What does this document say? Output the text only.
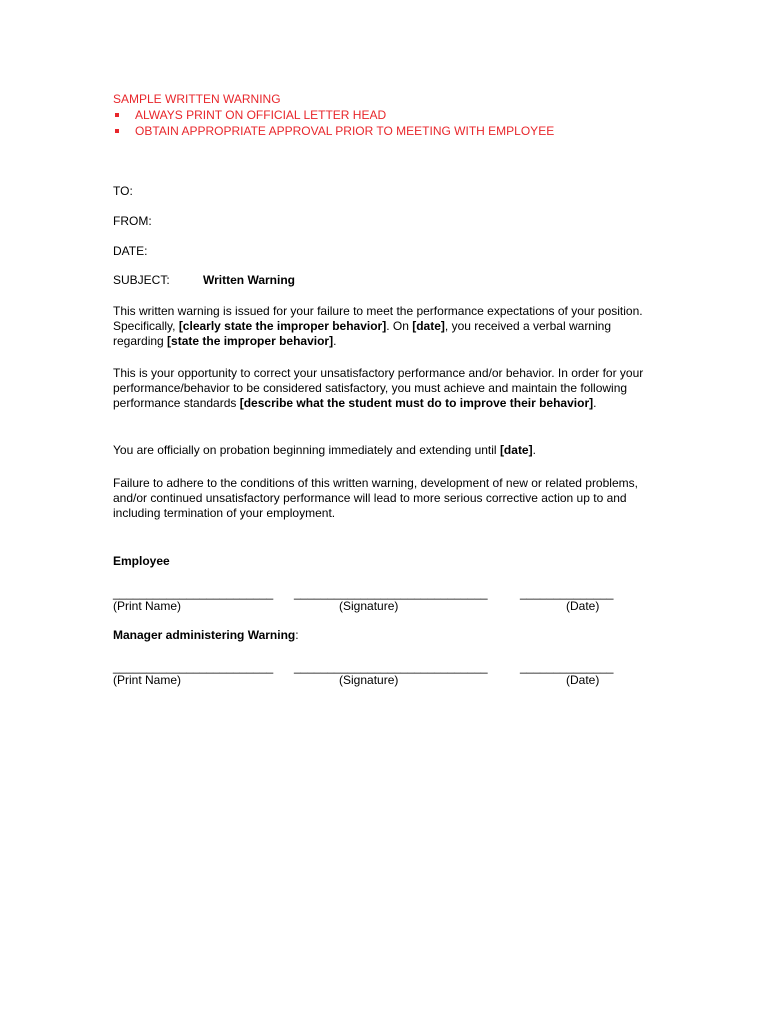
SAMPLE WRITTEN WARNING
ALWAYS PRINT ON OFFICIAL LETTER HEAD
OBTAIN APPROPRIATE APPROVAL PRIOR TO MEETING WITH EMPLOYEE
TO:
FROM:
DATE:
SUBJECT:	Written Warning

This written warning is issued for your failure to meet the performance expectations of your position. Specifically, [clearly state the improper behavior]. On [date], you received a verbal warning regarding [state the improper behavior].

This is your opportunity to correct your unsatisfactory performance and/or behavior. In order for your performance/behavior to be considered satisfactory, you must achieve and maintain the following performance standards [describe what the student must do to improve their behavior].

You are officially on probation beginning immediately and extending until [date].

Failure to adhere to the conditions of this written warning, development of new or related problems, and/or continued unsatisfactory performance will lead to more serious corrective action up to and including termination of your employment.

Employee
________________________ _____________________________	______________
(Print Name)	(Signature)	(Date)
Manager administering Warning:
________________________ _____________________________	______________
(Print Name)	(Signature)	(Date)
